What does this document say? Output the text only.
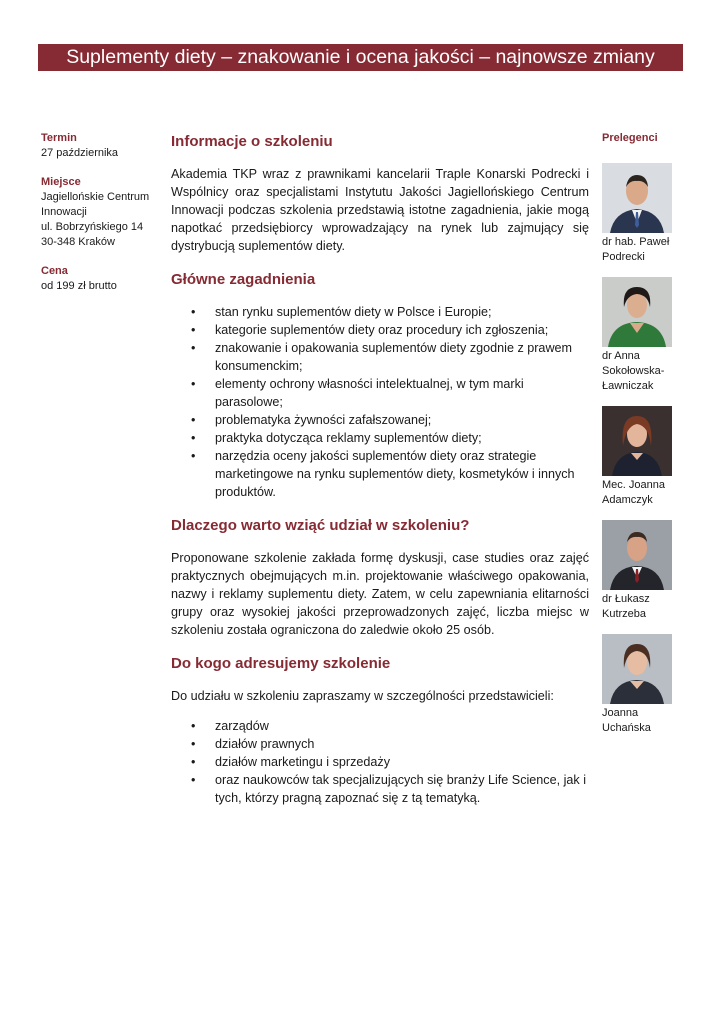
Suplementy diety – znakowanie i ocena jakości – najnowsze zmiany
Termin
27 października
Miejsce
Jagiellońskie Centrum
Innowacji
ul. Bobrzyńskiego 14
30-348 Kraków
Cena
od 199 zł brutto
Informacje o szkoleniu

Akademia TKP wraz z prawnikami kancelarii Traple Konarski Podrecki i Wspólnicy oraz specjalistami Instytutu Jakości Jagiellońskiego Centrum Innowacji podczas szkolenia przedstawią istotne zagadnienia, jakie mogą napotkać przedsiębiorcy wprowadzający na rynek lub zajmujący się dystrybucją suplementów diety.

Główne zagadnienia
• stan rynku suplementów diety w Polsce i Europie;
• kategorie suplementów diety oraz procedury ich zgłoszenia;
• znakowanie i opakowania suplementów diety zgodnie z prawem konsumenckim;
• elementy ochrony własności intelektualnej, w tym marki parasolowe;
• problematyka żywności zafałszowanej;
• praktyka dotycząca reklamy suplementów diety;
• narzędzia oceny jakości suplementów diety oraz strategie marketingowe na rynku suplementów diety, kosmetyków i innych produktów.
Dlaczego warto wziąć udział w szkoleniu?

Proponowane szkolenie zakłada formę dyskusji, case studies oraz zajęć praktycznych obejmujących m.in. projektowanie właściwego opakowania, nazwy i reklamy suplementu diety. Zatem, w celu zapewniania elitarności grupy oraz wysokiej jakości przeprowadzonych zajęć, liczba miejsc w szkoleniu została ograniczona do zaledwie około 25 osób.

Do kogo adresujemy szkolenie

Do udziału w szkoleniu zapraszamy w szczególności przedstawicieli:

• zarządów
• działów prawnych
• działów marketingu i sprzedaży
• oraz naukowców tak specjalizujących się branży Life Science, jak i tych, którzy pragną zapoznać się z tą tematyką.
Prelegenci
dr hab. Paweł Podrecki
dr Anna Sokołowska-Ławniczak
Mec. Joanna Adamczyk
dr Łukasz Kutrzeba
Joanna Uchańska
